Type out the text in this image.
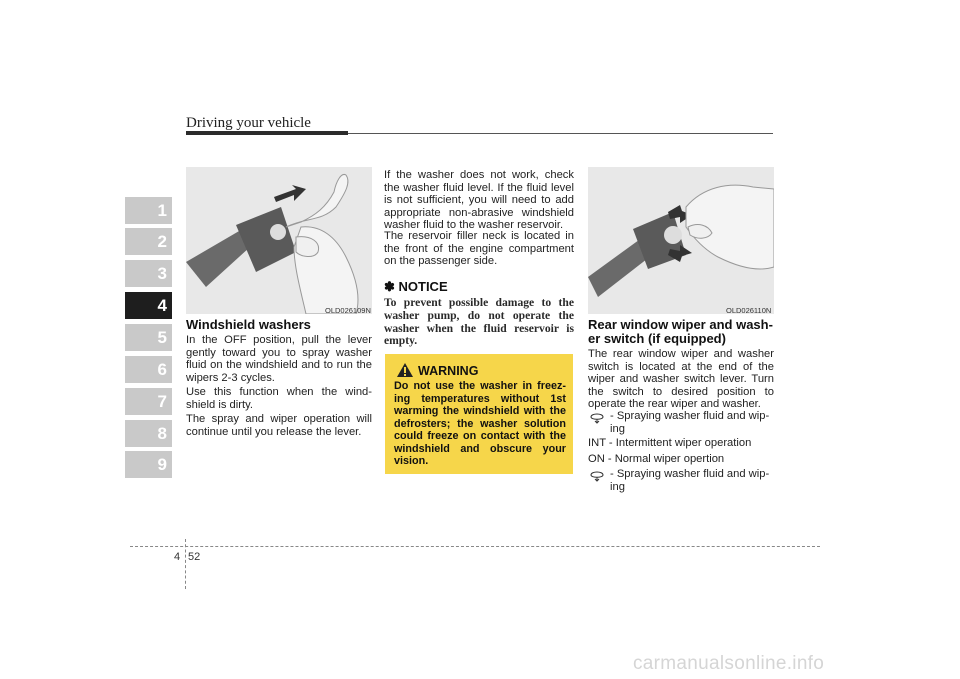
Driving your vehicle
1
2
3
4
5
6
7
8
9
OLD026109N
Windshield washers
In the OFF position, pull the lever gently toward you to spray washer fluid on the windshield and to run the wipers 2-3 cycles.
Use this function when the wind-shield is dirty.
The spray and wiper operation will continue until you release the lever.
If the washer does not work, check the washer fluid level. If the fluid level is not sufficient, you will need to add appropriate non-abrasive windshield washer fluid to the washer reservoir.
The reservoir filler neck is located in the front of the engine compartment on the passenger side.
✽ NOTICE
To prevent possible damage to the washer pump, do not operate the washer when the fluid reservoir is empty.
WARNING
Do not use the washer in freez-ing temperatures without 1st warming the windshield with the defrosters; the washer solution could freeze on contact with the windshield and obscure your vision.
OLD026110N
Rear window wiper and wash-er switch (if equipped)
The rear window wiper and washer switch is located at the end of the wiper and washer switch lever. Turn the switch to desired position to operate the rear wiper and washer.
- Spraying washer fluid and wip-ing
INT - Intermittent wiper operation
ON - Normal wiper opertion
- Spraying washer fluid and wip-ing
4 52
carmanualsonline.info
